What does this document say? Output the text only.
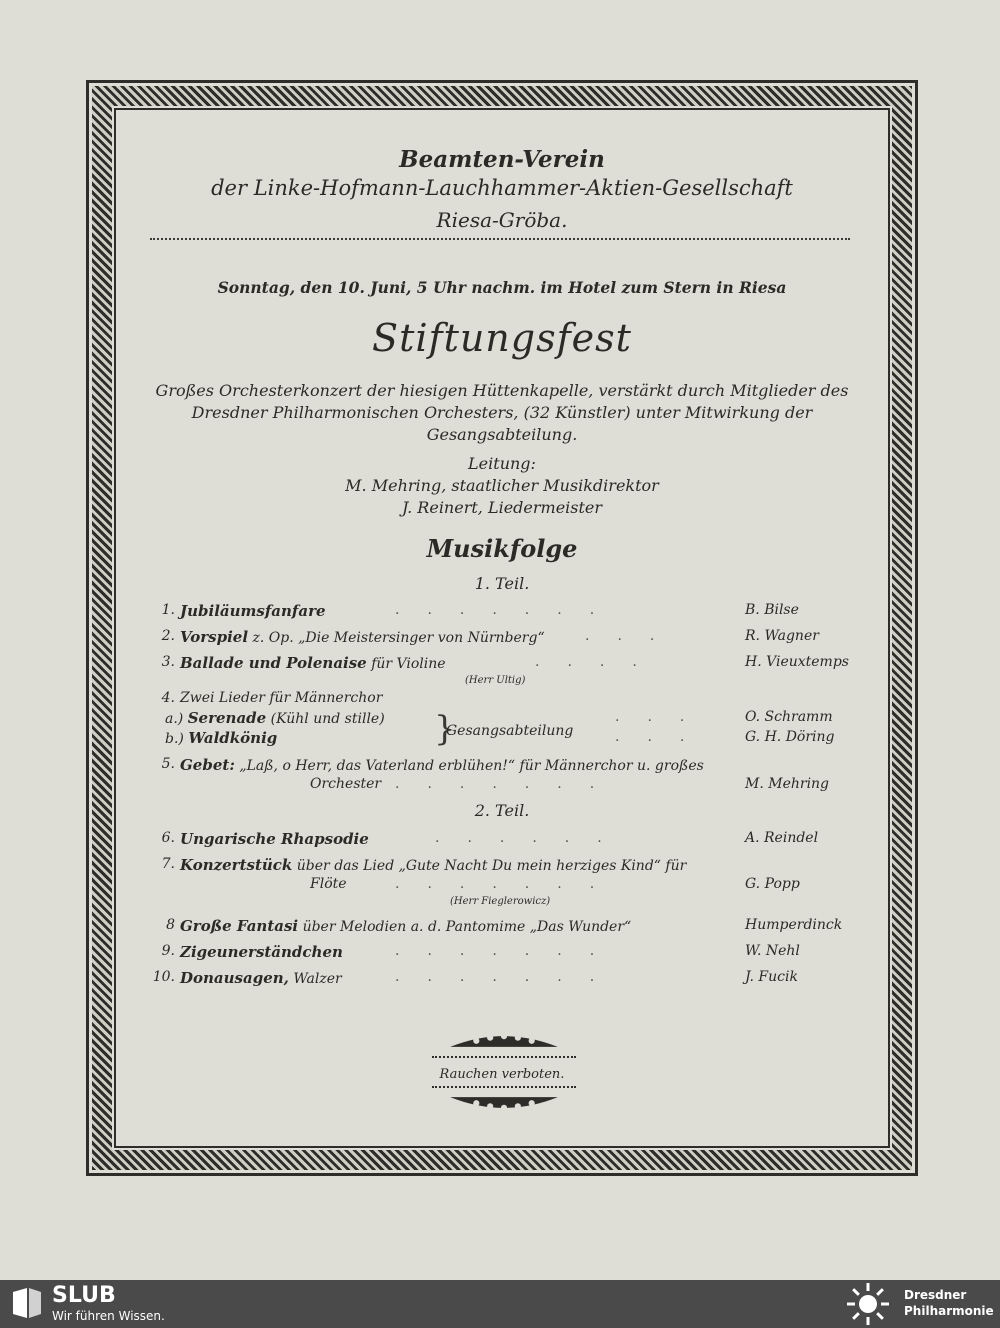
Beamten-Verein
der Linke-Hofmann-Lauchhammer-Aktien-Gesellschaft
Riesa-Gröba.
Sonntag, den 10. Juni, 5 Uhr nachm. im Hotel zum Stern in Riesa
Stiftungsfest
Großes Orchesterkonzert der hiesigen Hüttenkapelle, verstärkt durch Mitglieder des Dresdner Philharmonischen Orchesters, (32 Künstler) unter Mitwirkung der Gesangsabteilung.
Leitung:
M. Mehring, staatlicher Musikdirektor
J. Reinert, Liedermeister
Musikfolge
1. Teil.
1. Jubiläumsfanfare	.......	B. Bilse
2. Vorspiel z. Op. „Die Meistersinger von Nürnberg“	...	R. Wagner
3. Ballade und Polenaise für Violine	....	H. Vieuxtemps
(Herr Ultig)
4. Zwei Lieder für Männerchor
a.) Serenade (Kühl und stille)	...	O. Schramm
b.) Waldkönig	...	G. H. Döring
}
Gesangsabteilung
5. Gebet: „Laß, o Herr, das Vaterland erblühen!“ für Männerchor u. großes
Orchester .......	M. Mehring
2. Teil.
6. Ungarische Rhapsodie	......	A. Reindel
7. Konzertstück über das Lied „Gute Nacht Du mein herziges Kind“ für
Flöte	.......	G. Popp
(Herr Fieglerowicz)
8 Große Fantasi über Melodien a. d. Pantomime „Das Wunder“	Humperdinck
9. Zigeunerständchen	.......	W. Nehl
10. Donausagen, Walzer	.......	J. Fucik
Rauchen verboten.
SLUB
Wir führen Wissen.
Dresdner
Philharmonie
